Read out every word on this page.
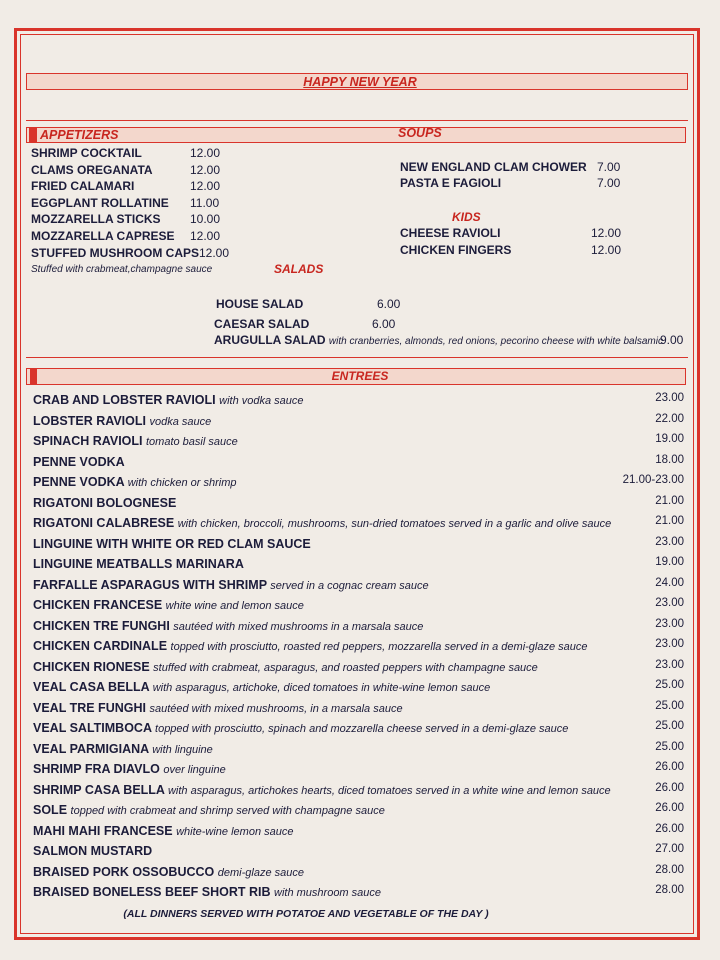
HAPPY NEW YEAR
APPETIZERS	SOUPS
SHRIMP COCKTAIL	12.00
CLAMS OREGANATA	12.00
FRIED CALAMARI	12.00
EGGPLANT ROLLATINE 11.00
MOZZARELLA STICKS 10.00
MOZZARELLA CAPRESE 12.00
STUFFED MUSHROOM CAPS 12.00
Stuffed with crabmeat,champagne sauce
NEW ENGLAND CLAM CHOWER 7.00
PASTA E FAGIOLI	7.00
KIDS
CHEESE RAVIOLI	12.00
CHICKEN FINGERS	12.00
SALADS
HOUSE SALAD	6.00
CAESAR SALAD	6.00
ARUGULLA SALAD with cranberries, almonds, red onions, pecorino cheese with white balsamic
9.00
ENTREES
CRAB AND LOBSTER RAVIOLI with vodka sauce	23.00
LOBSTER RAVIOLI vodka sauce	22.00
SPINACH RAVIOLI tomato basil sauce	19.00
PENNE VODKA	18.00
PENNE VODKA with chicken or shrimp	21.00-23.00
RIGATONI BOLOGNESE	21.00
RIGATONI CALABRESE with chicken, broccoli, mushrooms, sun-dried tomatoes served in a garlic and olive sauce	21.00
LINGUINE WITH WHITE OR RED CLAM SAUCE	23.00
LINGUINE MEATBALLS MARINARA	19.00
FARFALLE ASPARAGUS WITH SHRIMP served in a cognac cream sauce	24.00
CHICKEN FRANCESE white wine and lemon sauce	23.00
CHICKEN TRE FUNGHI sautéed with mixed mushrooms in a marsala sauce	23.00
CHICKEN CARDINALE topped with prosciutto, roasted red peppers, mozzarella served in a demi-glaze sauce	23.00
CHICKEN RIONESE stuffed with crabmeat, asparagus, and roasted peppers with champagne sauce	23.00
VEAL CASA BELLA with asparagus, artichoke, diced tomatoes in white-wine lemon sauce	25.00
VEAL TRE FUNGHI sautéed with mixed mushrooms, in a marsala sauce	25.00
VEAL SALTIMBOCA topped with prosciutto, spinach and mozzarella cheese served in a demi-glaze sauce	25.00
VEAL PARMIGIANA with linguine	25.00
SHRIMP FRA DIAVLO over linguine	26.00
SHRIMP CASA BELLA with asparagus, artichokes hearts, diced tomatoes served in a white wine and lemon sauce	26.00
SOLE topped with crabmeat and shrimp served with champagne sauce	26.00
MAHI MAHI FRANCESE white-wine lemon sauce	26.00
SALMON MUSTARD	27.00
BRAISED PORK OSSOBUCCO demi-glaze sauce	28.00
BRAISED BONELESS BEEF SHORT RIB with mushroom sauce	28.00
(ALL DINNERS SERVED WITH POTATOE AND VEGETABLE OF THE DAY )
